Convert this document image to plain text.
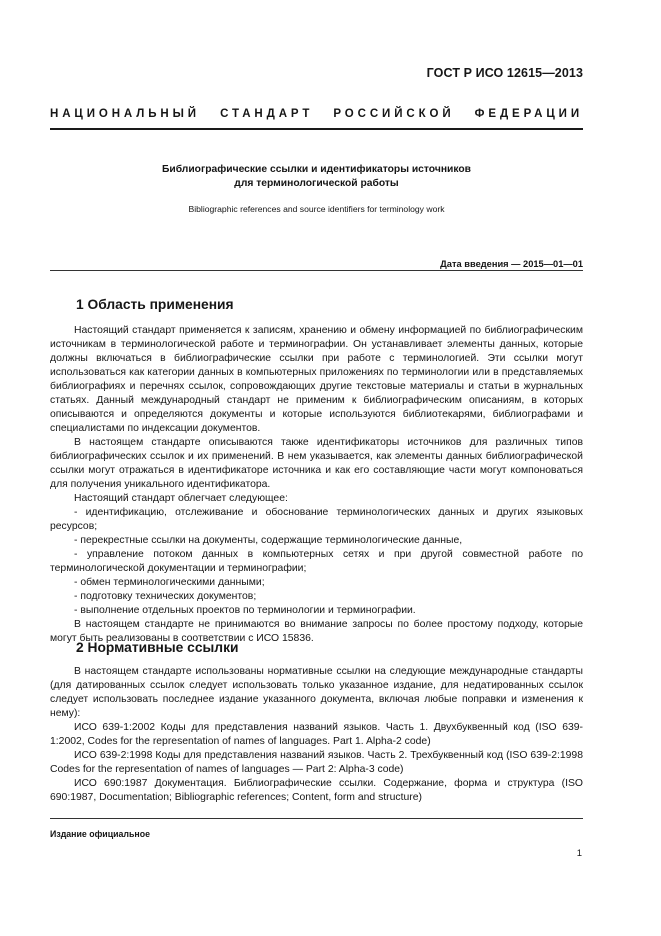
ГОСТ Р ИСО 12615—2013
НАЦИОНАЛЬНЫЙ СТАНДАРТ РОССИЙСКОЙ ФЕДЕРАЦИИ
Библиографические ссылки и идентификаторы источников
для терминологической работы
Bibliographic references and source identifiers for terminology work
Дата введения — 2015—01—01
1 Область применения

Настоящий стандарт применяется к записям, хранению и обмену информацией по библиографическим источникам в терминологической работе и терминографии. Он устанавливает элементы данных, которые должны включаться в библиографические ссылки при работе с терминологией. Эти ссылки могут использоваться как категории данных в компьютерных приложениях по терминологии или в представляемых библиографиях и перечнях ссылок, сопровождающих другие текстовые материалы и статьи в журнальных статьях. Данный международный стандарт не применим к библиографическим описаниям, в которых описываются и определяются документы и которые используются библиотекарями, библиографами и специалистами по индексации документов.

В настоящем стандарте описываются также идентификаторы источников для различных типов библиографических ссылок и их применений. В нем указывается, как элементы данных библиографической ссылки могут отражаться в идентификаторе источника и как его составляющие части могут компоноваться для получения уникального идентификатора.

Настоящий стандарт облегчает следующее:

- идентификацию, отслеживание и обоснование терминологических данных и других языковых ресурсов;

- перекрестные ссылки на документы, содержащие терминологические данные,

- управление потоком данных в компьютерных сетях и при другой совместной работе по терминологической документации и терминографии;

- обмен терминологическими данными;

- подготовку технических документов;

- выполнение отдельных проектов по терминологии и терминографии.

В настоящем стандарте не принимаются во внимание запросы по более простому подходу, которые могут быть реализованы в соответствии с ИСО 15836.

2 Нормативные ссылки

В настоящем стандарте использованы нормативные ссылки на следующие международные стандарты (для датированных ссылок следует использовать только указанное издание, для недатированных ссылок следует использовать последнее издание указанного документа, включая любые поправки и изменения к нему):

ИСО 639-1:2002 Коды для представления названий языков. Часть 1. Двухбуквенный код (ISO 639-1:2002, Codes for the representation of names of languages. Part 1. Alpha-2 code)

ИСО 639-2:1998 Коды для представления названий языков. Часть 2. Трехбуквенный код (ISO 639-2:1998 Codes for the representation of names of languages — Part 2: Alpha-3 code)

ИСО 690:1987 Документация. Библиографические ссылки. Содержание, форма и структура (ISO 690:1987, Documentation; Bibliographic references; Content, form and structure)

Издание официальное
1
